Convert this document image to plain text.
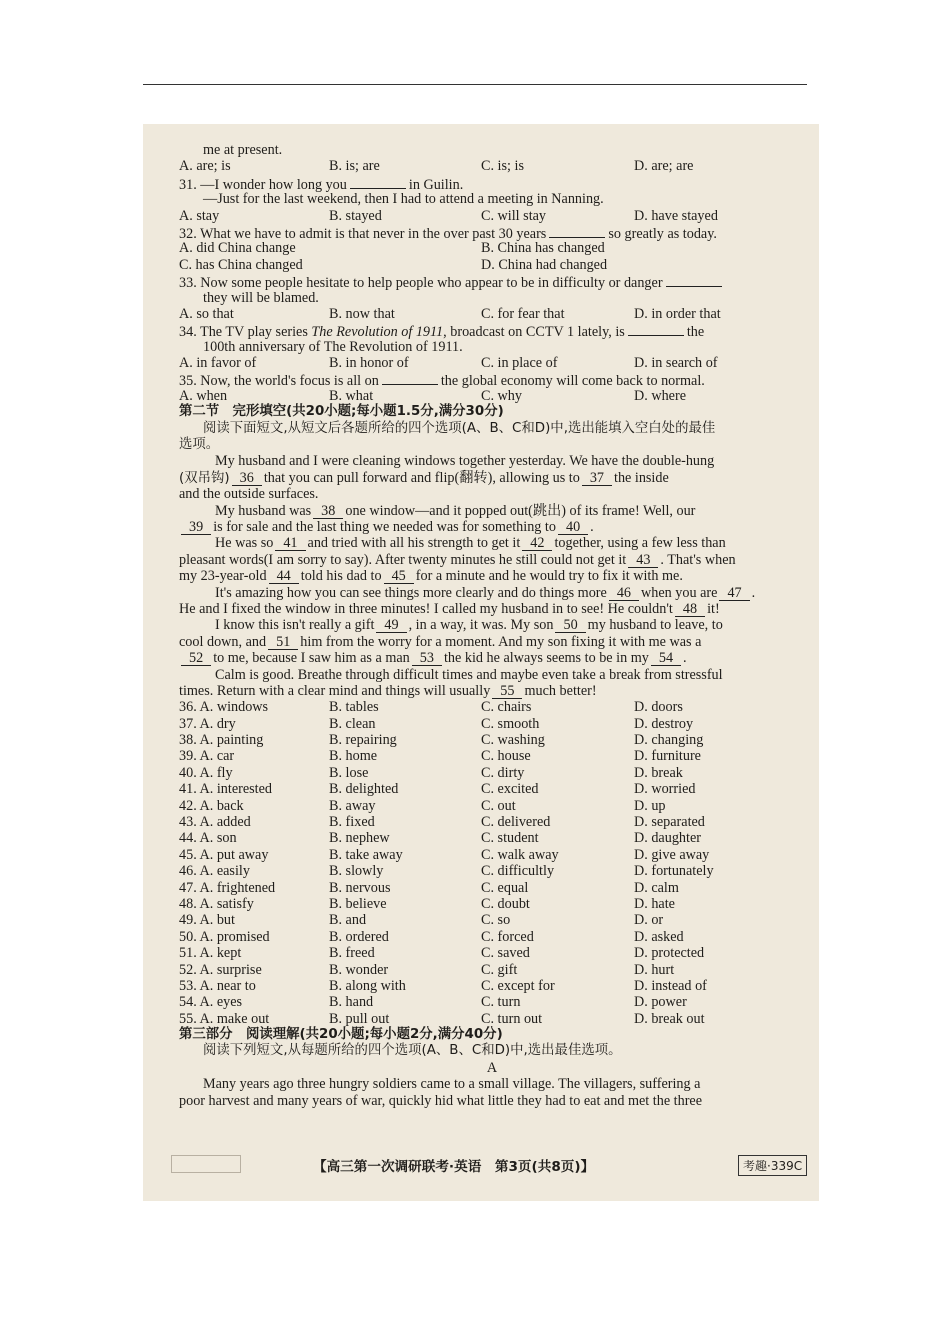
me at present.
A. are; is	B. is; are	C. is; is	D. are; are
31. —I wonder how long you	in Guilin.
—Just for the last weekend, then I had to attend a meeting in Nanning.
A. stay	B. stayed	C. will stay	D. have stayed
32. What we have to admit is that never in the over past 30 years	so greatly as today.
A. did China change	B. China has changed
C. has China changed	D. China had changed
33. Now some people hesitate to help people who appear to be in difficulty or danger
they will be blamed.
A. so that	B. now that	C. for fear that	D. in order that
34. The TV play series The Revolution of 1911, broadcast on CCTV 1 lately, is	the
100th anniversary of The Revolution of 1911.
A. in favor of	B. in honor of	C. in place of	D. in search of
35. Now, the world's focus is all on	the global economy will come back to normal.
A. when	B. what	C. why	D. where
第二节　完形填空(共20小题;每小题1.5分,满分30分)
阅读下面短文,从短文后各题所给的四个选项(A、B、C和D)中,选出能填入空白处的最佳
选项。
My husband and I were cleaning windows together yesterday. We have the double-hung
(双吊钩) 36 that you can pull forward and flip(翻转), allowing us to 37 the inside
and the outside surfaces.
My husband was 38 one window—and it popped out(跳出) of its frame! Well, our
39 is for sale and the last thing we needed was for something to 40 .
He was so 41 and tried with all his strength to get it 42 together, using a few less than
pleasant words(I am sorry to say). After twenty minutes he still could not get it 43 . That's when
my 23-year-old 44 told his dad to 45 for a minute and he would try to fix it with me.
It's amazing how you can see things more clearly and do things more 46 when you are 47 .
He and I fixed the window in three minutes! I called my husband in to see! He couldn't 48 it!
I know this isn't really a gift 49 , in a way, it was. My son 50 my husband to leave, to
cool down, and 51 him from the worry for a moment. And my son fixing it with me was a
52 to me, because I saw him as a man 53 the kid he always seems to be in my 54 .
Calm is good. Breathe through difficult times and maybe even take a break from stressful
times. Return with a clear mind and things will usually 55 much better!
36. A. windows	B. tables	C. chairs	D. doors
37. A. dry	B. clean	C. smooth	D. destroy
38. A. painting	B. repairing	C. washing	D. changing
39. A. car	B. home	C. house	D. furniture
40. A. fly	B. lose	C. dirty	D. break
41. A. interested	B. delighted	C. excited	D. worried
42. A. back	B. away	C. out	D. up
43. A. added	B. fixed	C. delivered	D. separated
44. A. son	B. nephew	C. student	D. daughter
45. A. put away	B. take away	C. walk away	D. give away
46. A. easily	B. slowly	C. difficultly	D. fortunately
47. A. frightened	B. nervous	C. equal	D. calm
48. A. satisfy	B. believe	C. doubt	D. hate
49. A. but	B. and	C. so	D. or
50. A. promised	B. ordered	C. forced	D. asked
51. A. kept	B. freed	C. saved	D. protected
52. A. surprise	B. wonder	C. gift	D. hurt
53. A. near to	B. along with	C. except for	D. instead of
54. A. eyes	B. hand	C. turn	D. power
55. A. make out	B. pull out	C. turn out	D. break out
第三部分　阅读理解(共20小题;每小题2分,满分40分)
阅读下列短文,从每题所给的四个选项(A、B、C和D)中,选出最佳选项。
A
Many years ago three hungry soldiers came to a small village. The villagers, suffering a
poor harvest and many years of war, quickly hid what little they had to eat and met the three
【高三第一次调研联考·英语　第3页(共8页)】	考趣·339C
